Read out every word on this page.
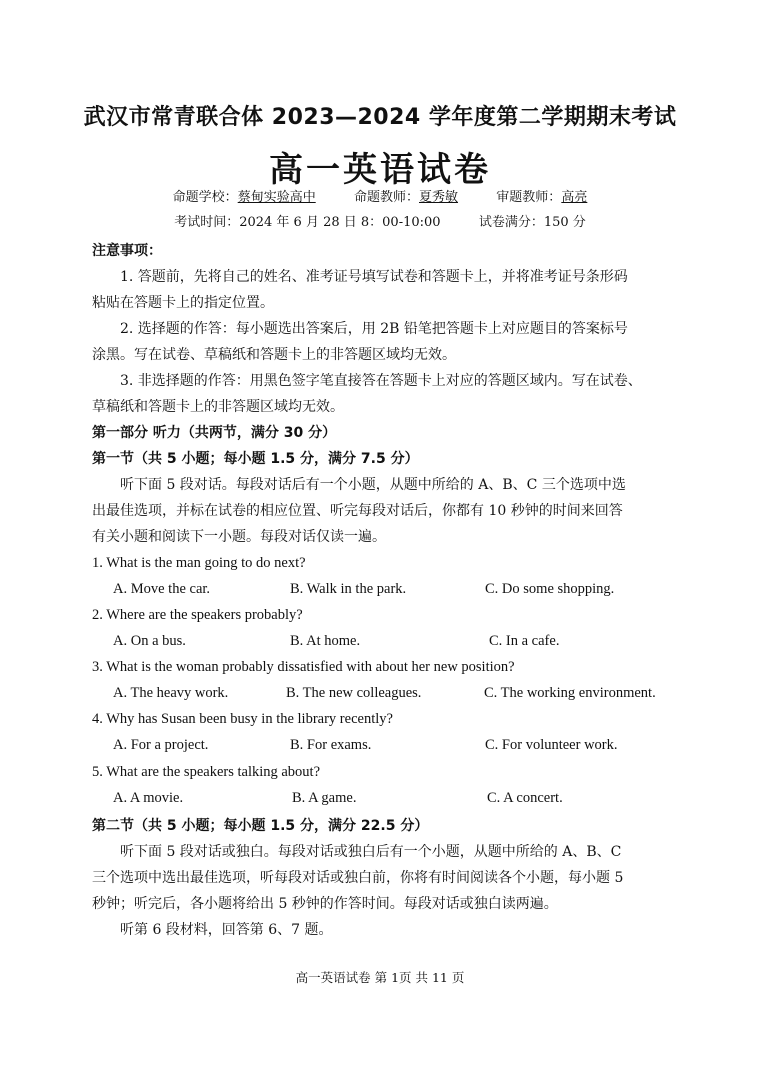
武汉市常青联合体 2023—2024 学年度第二学期期末考试
高一英语试卷
命题学校：蔡甸实验高中	命题教师：夏秀敏	审题教师：高亮
考试时间：2024 年 6 月 28 日 8：00-10:00	试卷满分：150 分
注意事项：
1. 答题前，先将自己的姓名、准考证号填写试卷和答题卡上，并将准考证号条形码
粘贴在答题卡上的指定位置。
2. 选择题的作答：每小题选出答案后，用 2B 铅笔把答题卡上对应题目的答案标号
涂黑。写在试卷、草稿纸和答题卡上的非答题区域均无效。
3. 非选择题的作答：用黑色签字笔直接答在答题卡上对应的答题区域内。写在试卷、
草稿纸和答题卡上的非答题区域均无效。
第一部分 听力（共两节，满分 30 分）
第一节（共 5 小题；每小题 1.5 分，满分 7.5 分）
听下面 5 段对话。每段对话后有一个小题，从题中所给的 A、B、C 三个选项中选
出最佳选项，并标在试卷的相应位置、听完每段对话后，你都有 10 秒钟的时间来回答
有关小题和阅读下一小题。每段对话仅读一遍。
1. What is the man going to do next?
A. Move the car.	B. Walk in the park.	C. Do some shopping.
2. Where are the speakers probably?
A. On a bus.	B. At home.	C. In a cafe.
3. What is the woman probably dissatisfied with about her new position?
A. The heavy work.	B. The new colleagues.	C. The working environment.
4. Why has Susan been busy in the library recently?
A. For a project.	B. For exams.	C. For volunteer work.
5. What are the speakers talking about?
A. A movie.	B. A game.	C. A concert.
第二节（共 5 小题；每小题 1.5 分，满分 22.5 分）
听下面 5 段对话或独白。每段对话或独白后有一个小题，从题中所给的 A、B、C
三个选项中选出最佳选项，听每段对话或独白前，你将有时间阅读各个小题，每小题 5
秒钟；听完后，各小题将给出 5 秒钟的作答时间。每段对话或独白读两遍。
听第 6 段材料，回答第 6、7 题。
高一英语试卷 第 1页 共 11 页
